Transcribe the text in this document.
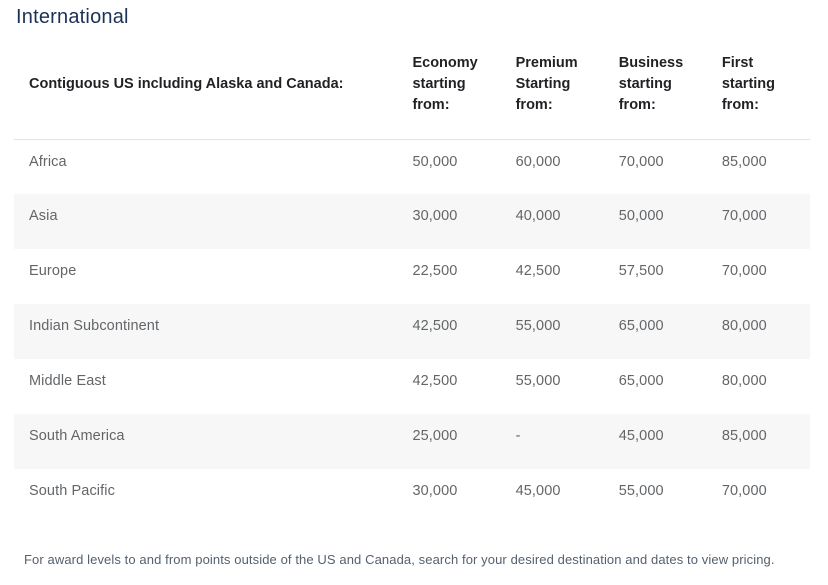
International
Contiguous US including Alaska and Canada:	Economy starting from:	Premium Starting from:	Business starting from:	First starting from:
Africa	50,000	60,000	70,000	85,000
Asia	30,000	40,000	50,000	70,000
Europe	22,500	42,500	57,500	70,000
Indian Subcontinent	42,500	55,000	65,000	80,000
Middle East	42,500	55,000	65,000	80,000
South America	25,000	-	45,000	85,000
South Pacific	30,000	45,000	55,000	70,000

For award levels to and from points outside of the US and Canada, search for your desired destination and dates to view pricing.
